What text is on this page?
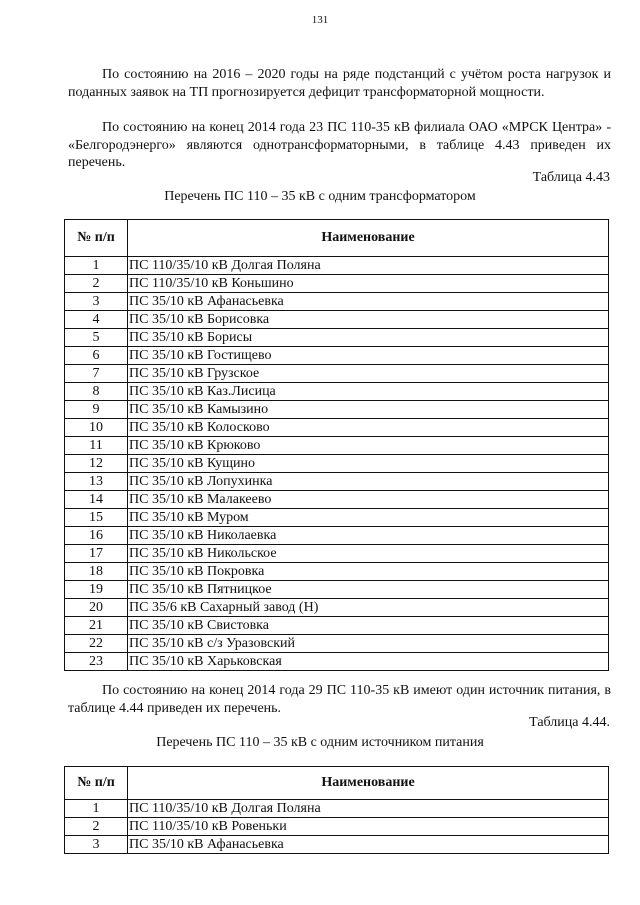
131
По состоянию на 2016 – 2020 годы на ряде подстанций с учётом роста нагрузок и поданных заявок на ТП прогнозируется дефицит трансформаторной мощности.
По состоянию на конец 2014 года 23 ПС 110-35 кВ филиала ОАО «МРСК Центра» - «Белгородэнерго» являются однотрансформаторными, в таблице 4.43 приведен их перечень.
Таблица 4.43
Перечень ПС 110 – 35 кВ с одним трансформатором
№ п/п	Наименование
1	ПС 110/35/10 кВ Долгая Поляна
2	ПС 110/35/10 кВ Коньшино
3	ПС 35/10 кВ Афанасьевка
4	ПС 35/10 кВ Борисовка
5	ПС 35/10 кВ Борисы
6	ПС 35/10 кВ Гостищево
7	ПС 35/10 кВ Грузское
8	ПС 35/10 кВ Каз.Лисица
9	ПС 35/10 кВ Камызино
10	ПС 35/10 кВ Колосково
11	ПС 35/10 кВ Крюково
12	ПС 35/10 кВ Кущино
13	ПС 35/10 кВ Лопухинка
14	ПС 35/10 кВ Малакеево
15	ПС 35/10 кВ Муром
16	ПС 35/10 кВ Николаевка
17	ПС 35/10 кВ Никольское
18	ПС 35/10 кВ Покровка
19	ПС 35/10 кВ Пятницкое
20	ПС 35/6 кВ Сахарный завод (Н)
21	ПС 35/10 кВ Свистовка
22	ПС 35/10 кВ с/з Уразовский
23	ПС 35/10 кВ Харьковская
По состоянию на конец 2014 года 29 ПС 110-35 кВ имеют один источник питания, в таблице 4.44 приведен их перечень.
Таблица 4.44.
Перечень ПС 110 – 35 кВ с одним источником питания
№ п/п	Наименование
1	ПС 110/35/10 кВ Долгая Поляна
2	ПС 110/35/10 кВ Ровеньки
3	ПС 35/10 кВ Афанасьевка
